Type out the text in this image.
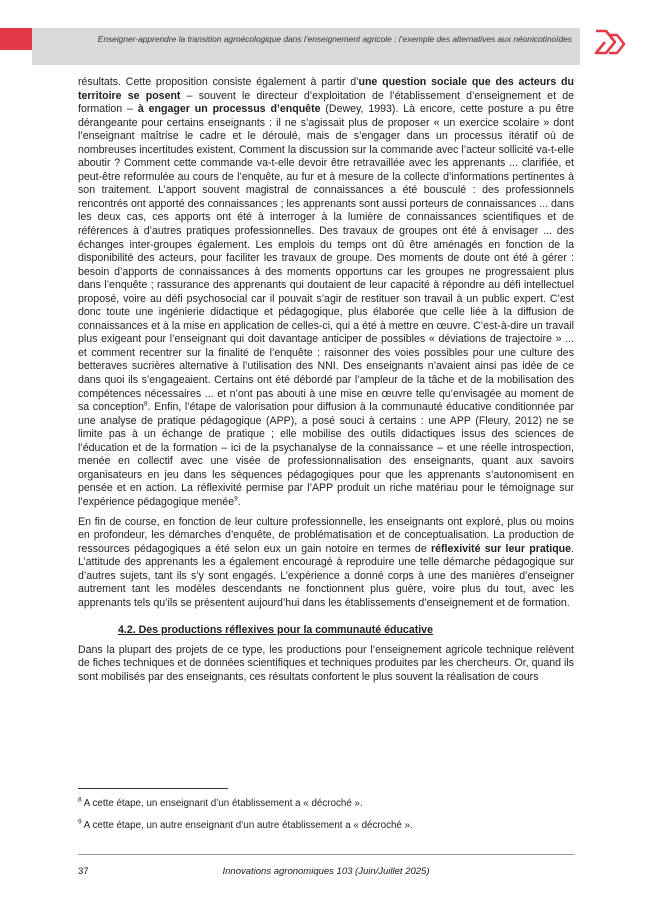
Enseigner-apprendre la transition agroécologique dans l’enseignement agricole : l’exemple des alternatives aux néonicotinoïdes

résultats. Cette proposition consiste également à partir d’une question sociale que des acteurs du territoire se posent – souvent le directeur d’exploitation de l’établissement d’enseignement et de formation – à engager un processus d’enquête (Dewey, 1993). Là encore, cette posture a pu être dérangeante pour certains enseignants : il ne s’agissait plus de proposer « un exercice scolaire » dont l’enseignant maîtrise le cadre et le déroulé, mais de s’engager dans un processus itératif où de nombreuses incertitudes existent. Comment la discussion sur la commande avec l’acteur sollicité va-t-elle aboutir ? Comment cette commande va-t-elle devoir être retravaillée avec les apprenants ... clarifiée, et peut-être reformulée au cours de l’enquête, au fur et à mesure de la collecte d’informations pertinentes à son traitement. L’apport souvent magistral de connaissances a été bousculé : des professionnels rencontrés ont apporté des connaissances ; les apprenants sont aussi porteurs de connaissances ... dans les deux cas, ces apports ont été à interroger à la lumière de connaissances scientifiques et de références à d’autres pratiques professionnelles. Des travaux de groupes ont été à envisager ... des échanges inter-groupes également. Les emplois du temps ont dû être aménagés en fonction de la disponibilité des acteurs, pour faciliter les travaux de groupe. Des moments de doute ont été à gérer : besoin d’apports de connaissances à des moments opportuns car les groupes ne progressaient plus dans l’enquête ; rassurance des apprenants qui doutaient de leur capacité à répondre au défi intellectuel proposé, voire au défi psychosocial car il pouvait s’agir de restituer son travail à un public expert. C’est donc toute une ingénierie didactique et pédagogique, plus élaborée que celle liée à la diffusion de connaissances et à la mise en application de celles-ci, qui a été à mettre en œuvre. C’est-à-dire un travail plus exigeant pour l’enseignant qui doit davantage anticiper de possibles « déviations de trajectoire » ... et comment recentrer sur la finalité de l’enquête : raisonner des voies possibles pour une culture des betteraves sucrières alternative à l’utilisation des NNI. Des enseignants n’avaient ainsi pas idée de ce dans quoi ils s’engageaient. Certains ont été débordé par l’ampleur de la tâche et de la mobilisation des compétences nécessaires ... et n’ont pas abouti à une mise en œuvre telle qu’envisagée au moment de sa conception$^8$. Enfin, l’étape de valorisation pour diffusion à la communauté éducative conditionnée par une analyse de pratique pédagogique (APP), a posé souci à certains : une APP (Fleury, 2012) ne se limite pas à un échange de pratique ; elle mobilise des outils didactiques issus des sciences de l’éducation et de la formation – ici de la psychanalyse de la connaissance – et une réelle introspection, menée en collectif avec une visée de professionnalisation des enseignants, quant aux savoirs organisateurs en jeu dans les séquences pédagogiques pour que les apprenants s’autonomisent en pensée et en action. La réflexivité permise par l’APP produit un riche matériau pour le témoignage sur l’expérience pédagogique menée$^9$.

En fin de course, en fonction de leur culture professionnelle, les enseignants ont exploré, plus ou moins en profondeur, les démarches d’enquête, de problématisation et de conceptualisation. La production de ressources pédagogiques a été selon eux un gain notoire en termes de réflexivité sur leur pratique. L’attitude des apprenants les a également encouragé à reproduire une telle démarche pédagogique sur d’autres sujets, tant ils s’y sont engagés. L’expérience a donné corps à une des manières d’enseigner autrement tant les modèles descendants ne fonctionnent plus guère, voire plus du tout, avec les apprenants tels qu’ils se présentent aujourd’hui dans les établissements d’enseignement et de formation.

4.2. Des productions réflexives pour la communauté éducative

Dans la plupart des projets de ce type, les productions pour l’enseignement agricole technique relèvent de fiches techniques et de données scientifiques et techniques produites par les chercheurs. Or, quand ils sont mobilisés par des enseignants, ces résultats confortent le plus souvent la réalisation de cours

$^8$ A cette étape, un enseignant d’un établissement a « décroché ».
$^9$ A cette étape, un autre enseignant d’un autre établissement a « décroché ».
Innovations agronomiques 103 (Juin/Juillet 2025)
37
